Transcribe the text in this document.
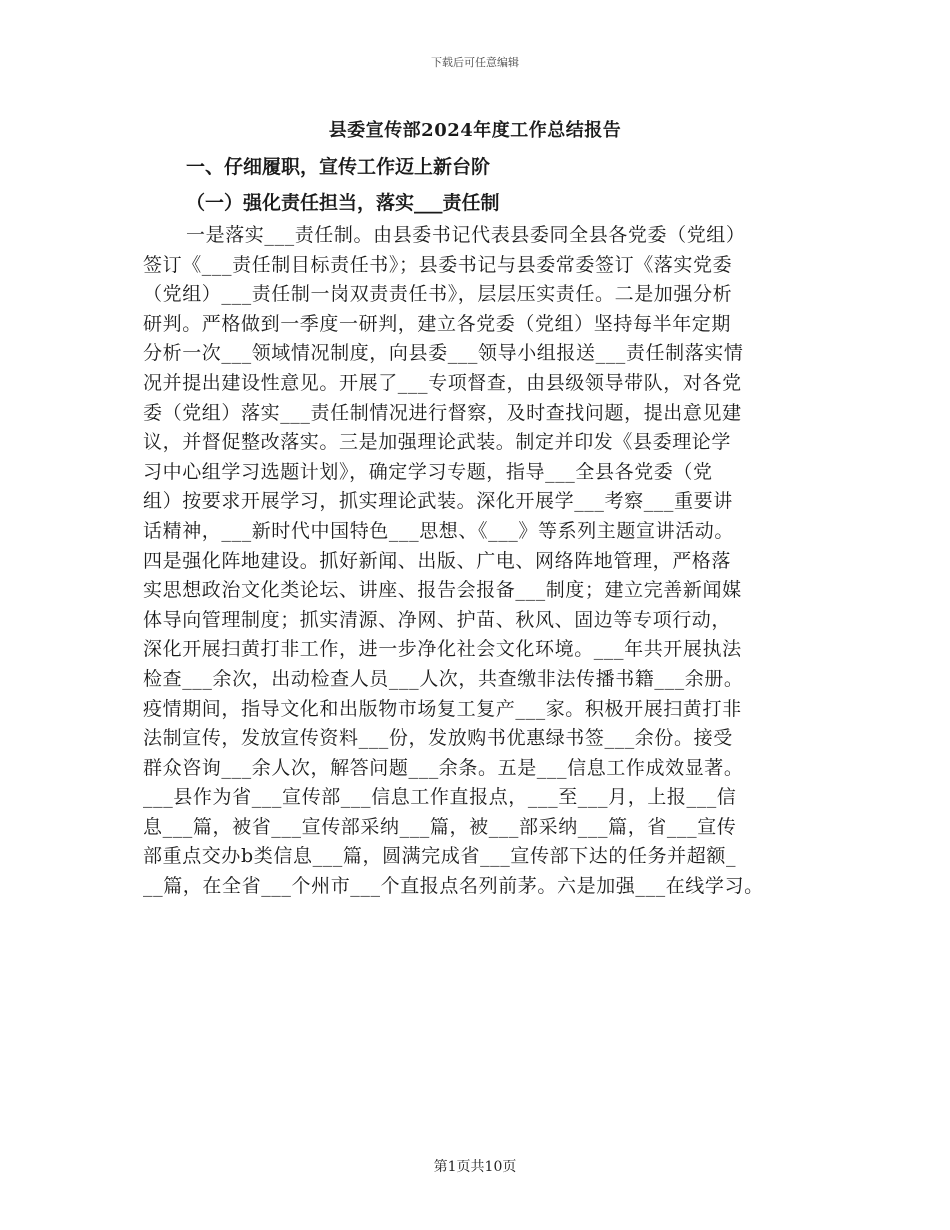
下载后可任意编辑
县委宣传部2024年度工作总结报告
一、仔细履职，宣传工作迈上新台阶
（一）强化责任担当，落实___责任制
一是落实___责任制。由县委书记代表县委同全县各党委（党组）
签订《___责任制目标责任书》；县委书记与县委常委签订《落实党委
（党组）___责任制一岗双责责任书》，层层压实责任。二是加强分析
研判。严格做到一季度一研判，建立各党委（党组）坚持每半年定期
分析一次___领域情况制度，向县委___领导小组报送___责任制落实情
况并提出建设性意见。开展了___专项督查，由县级领导带队，对各党
委（党组）落实___责任制情况进行督察，及时查找问题，提出意见建
议，并督促整改落实。三是加强理论武装。制定并印发《县委理论学
习中心组学习选题计划》，确定学习专题，指导___全县各党委（党
组）按要求开展学习，抓实理论武装。深化开展学___考察___重要讲
话精神，___新时代中国特色___思想、《___》等系列主题宣讲活动。
四是强化阵地建设。抓好新闻、出版、广电、网络阵地管理，严格落
实思想政治文化类论坛、讲座、报告会报备___制度；建立完善新闻媒
体导向管理制度；抓实清源、净网、护苗、秋风、固边等专项行动，
深化开展扫黄打非工作，进一步净化社会文化环境。___年共开展执法
检查___余次，出动检查人员___人次，共查缴非法传播书籍___余册。
疫情期间，指导文化和出版物市场复工复产___家。积极开展扫黄打非
法制宣传，发放宣传资料___份，发放购书优惠绿书签___余份。接受
群众咨询___余人次，解答问题___余条。五是___信息工作成效显著。
___县作为省___宣传部___信息工作直报点，___至___月，上报___信
息___篇，被省___宣传部采纳___篇，被___部采纳___篇，省___宣传
部重点交办b类信息___篇，圆满完成省___宣传部下达的任务并超额_
__篇，在全省___个州市___个直报点名列前茅。六是加强___在线学习。
第1页共10页
